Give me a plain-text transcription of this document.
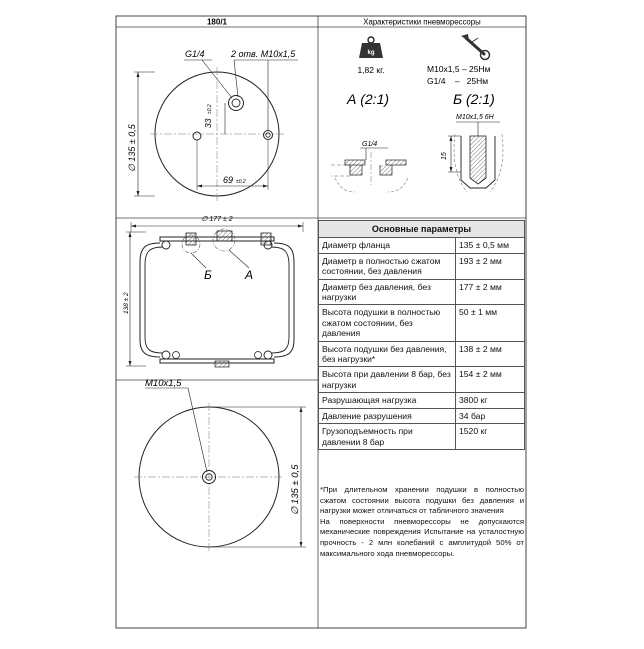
180/1	Характеристики пневморессоры
G1/4	2 отв. M10x1,5
33
±0,2
69 ±0,2
∅ 135 ± 0,5
∅ 177 ± 2
138 ± 2
Б	А
M10x1,5
∅ 135 ± 0,5
kg
1,82 кг.	M10x1,5 – 25Нм
G1/4    –   25Нм
А (2:1)	Б (2:1)
G1/4
M10x1,5 6H
15
Основные параметры	
Диаметр фланца	135 ± 0,5 мм
Диаметр в полностью сжатом состоянии, без давления	193 ± 2 мм
Диаметр без давления, без нагрузки	177 ± 2 мм
Высота подушки в полностью сжатом состоянии, без давления	50 ± 1 мм
Высота подушки без давления, без нагрузки*	138 ± 2 мм
Высота при давлении 8 бар, без нагрузки	154 ± 2 мм
Разрушающая нагрузка	3800 кг
Давление разрушения	34 бар
Грузоподъемность при давлении 8 бар	1520 кг

*При длительном хранении подушки в полностью сжатом состоянии высота подушки без давления и нагрузки может отличаться от табличного значения

На поверхности пневморессоры не допускаются механические повреждения Испытание на усталостную прочность - 2 млн колебаний с амплитудой 50% от максимального хода пневморессоры.
